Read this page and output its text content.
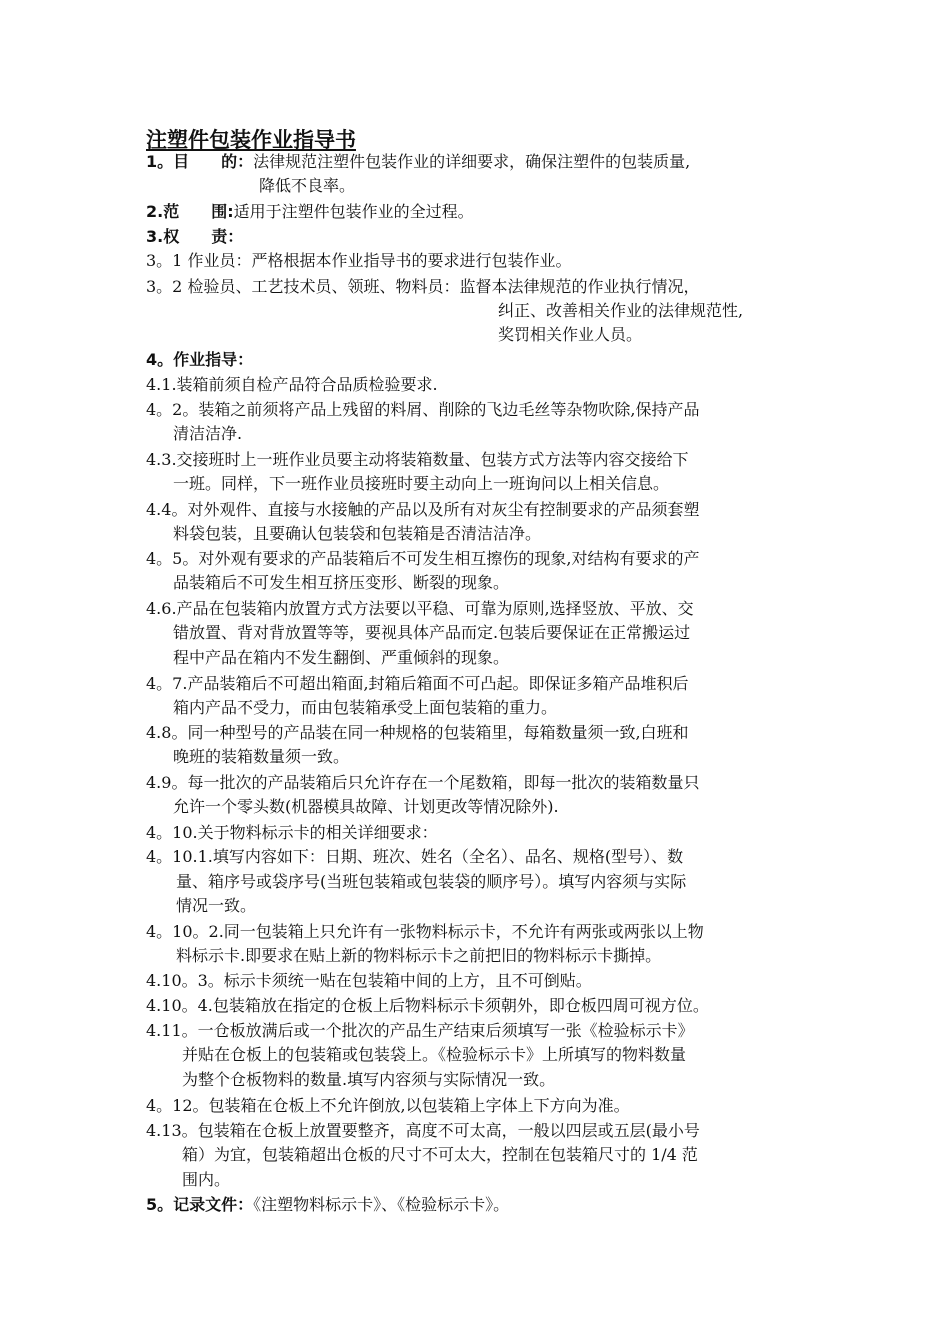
注塑件包装作业指导书
1。目　　的：法律规范注塑件包装作业的详细要求，确保注塑件的包装质量,
降低不良率。
2.范　　围:适用于注塑件包装作业的全过程。
3.权　　责：
3。1 作业员：严格根据本作业指导书的要求进行包装作业。
3。2 检验员、工艺技术员、领班、物料员：监督本法律规范的作业执行情况，
纠正、改善相关作业的法律规范性,
奖罚相关作业人员。
4。作业指导：
4.1.装箱前须自检产品符合品质检验要求.
4。2。装箱之前须将产品上残留的料屑、削除的飞边毛丝等杂物吹除,保持产品
清洁洁净.
4.3.交接班时上一班作业员要主动将装箱数量、包装方式方法等内容交接给下
一班。同样，下一班作业员接班时要主动向上一班询问以上相关信息。
4.4。对外观件、直接与水接触的产品以及所有对灰尘有控制要求的产品须套塑
料袋包装，且要确认包装袋和包装箱是否清洁洁净。
4。5。对外观有要求的产品装箱后不可发生相互擦伤的现象,对结构有要求的产
品装箱后不可发生相互挤压变形、断裂的现象。
4.6.产品在包装箱内放置方式方法要以平稳、可靠为原则,选择竖放、平放、交
错放置、背对背放置等等，要视具体产品而定.包装后要保证在正常搬运过
程中产品在箱内不发生翻倒、严重倾斜的现象。
4。7.产品装箱后不可超出箱面,封箱后箱面不可凸起。即保证多箱产品堆积后
箱内产品不受力，而由包装箱承受上面包装箱的重力。
4.8。同一种型号的产品装在同一种规格的包装箱里，每箱数量须一致,白班和
晚班的装箱数量须一致。
4.9。每一批次的产品装箱后只允许存在一个尾数箱，即每一批次的装箱数量只
允许一个零头数(机器模具故障、计划更改等情况除外).
4。10.关于物料标示卡的相关详细要求：
4。10.1.填写内容如下：日期、班次、姓名（全名）、品名、规格(型号）、数
量、箱序号或袋序号(当班包装箱或包装袋的顺序号）。填写内容须与实际
情况一致。
4。10。2.同一包装箱上只允许有一张物料标示卡，不允许有两张或两张以上物
料标示卡.即要求在贴上新的物料标示卡之前把旧的物料标示卡撕掉。
4.10。3。标示卡须统一贴在包装箱中间的上方，且不可倒贴。
4.10。4.包装箱放在指定的仓板上后物料标示卡须朝外，即仓板四周可视方位。
4.11。一仓板放满后或一个批次的产品生产结束后须填写一张《检验标示卡》
并贴在仓板上的包装箱或包装袋上。《检验标示卡》上所填写的物料数量
为整个仓板物料的数量.填写内容须与实际情况一致。
4。12。包装箱在仓板上不允许倒放,以包装箱上字体上下方向为准。
4.13。包装箱在仓板上放置要整齐，高度不可太高，一般以四层或五层(最小号
箱）为宜，包装箱超出仓板的尺寸不可太大，控制在包装箱尺寸的 1/4 范
围内。
5。记录文件：《注塑物料标示卡》、《检验标示卡》。
